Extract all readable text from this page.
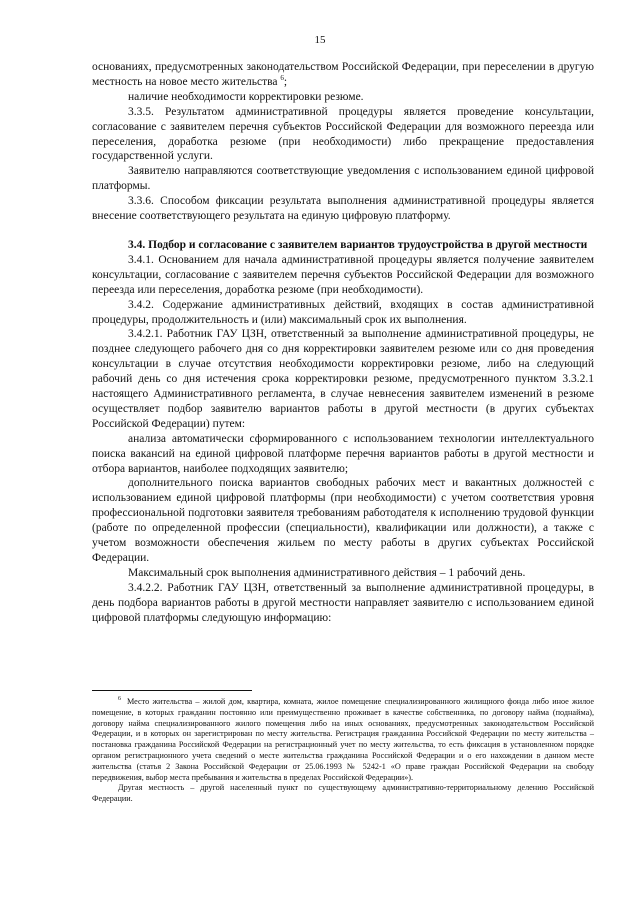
15

основаниях, предусмотренных законодательством Российской Федерации, при переселении в другую местность на новое место жительства $^6$;

наличие необходимости корректировки резюме.

3.3.5. Результатом административной процедуры является проведение консультации, согласование с заявителем перечня субъектов Российской Федерации для возможного переезда или переселения, доработка резюме (при необходимости) либо прекращение предоставления государственной услуги.

Заявителю направляются соответствующие уведомления с использованием единой цифровой платформы.

3.3.6. Способом фиксации результата выполнения административной процедуры является внесение соответствующего результата на единую цифровую платформу.

3.4. Подбор и согласование с заявителем вариантов трудоустройства в другой местности

3.4.1. Основанием для начала административной процедуры является получение заявителем консультации, согласование с заявителем перечня субъектов Российской Федерации для возможного переезда или переселения, доработка резюме (при необходимости).

3.4.2. Содержание административных действий, входящих в состав административной процедуры, продолжительность и (или) максимальный срок их выполнения.

3.4.2.1. Работник ГАУ ЦЗН, ответственный за выполнение административной процедуры, не позднее следующего рабочего дня со дня корректировки заявителем резюме или со дня проведения консультации в случае отсутствия необходимости корректировки резюме, либо на следующий рабочий день со дня истечения срока корректировки резюме, предусмотренного пунктом 3.3.2.1 настоящего Административного регламента, в случае невнесения заявителем изменений в резюме осуществляет подбор заявителю вариантов работы в другой местности (в других субъектах Российской Федерации) путем:

анализа автоматически сформированного с использованием технологии интеллектуального поиска вакансий на единой цифровой платформе перечня вариантов работы в другой местности и отбора вариантов, наиболее подходящих заявителю;

дополнительного поиска вариантов свободных рабочих мест и вакантных должностей с использованием единой цифровой платформы (при необходимости) с учетом соответствия уровня профессиональной подготовки заявителя требованиям работодателя к исполнению трудовой функции (работе по определенной профессии (специальности), квалификации или должности), а также с учетом возможности обеспечения жильем по месту работы в других субъектах Российской Федерации.

Максимальный срок выполнения административного действия – 1 рабочий день.

3.4.2.2. Работник ГАУ ЦЗН, ответственный за выполнение административной процедуры, в день подбора вариантов работы в другой местности направляет заявителю с использованием единой цифровой платформы следующую информацию:

$^6$ Место жительства – жилой дом, квартира, комната, жилое помещение специализированного жилищного фонда либо иное жилое помещение, в которых гражданин постоянно или преимущественно проживает в качестве собственника, по договору найма (поднайма), договору найма специализированного жилого помещения либо на иных основаниях, предусмотренных законодательством Российской Федерации, и в которых он зарегистрирован по месту жительства. Регистрация гражданина Российской Федерации по месту жительства – постановка гражданина Российской Федерации на регистрационный учет по месту жительства, то есть фиксация в установленном порядке органом регистрационного учета сведений о месте жительства гражданина Российской Федерации и о его нахождении в данном месте жительства (статья 2 Закона Российской Федерации от 25.06.1993 № 5242-1 «О праве граждан Российской Федерации на свободу передвижения, выбор места пребывания и жительства в пределах Российской Федерации»).

Другая местность – другой населенный пункт по существующему административно-территориальному делению Российской Федерации.
